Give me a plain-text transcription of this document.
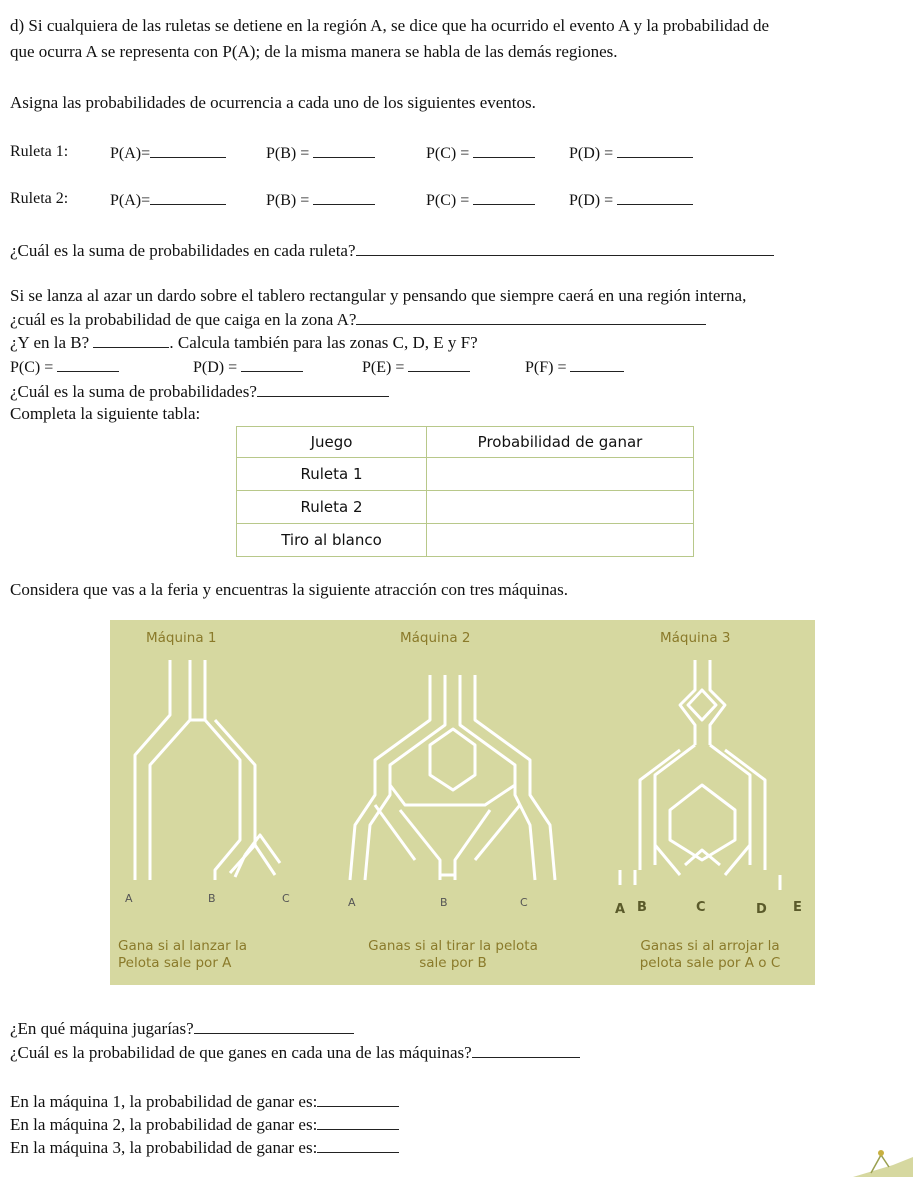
d) Si cualquiera de las ruletas se detiene en la región A, se dice que ha ocurrido el evento A y la probabilidad de
que ocurra A se representa con P(A); de la misma manera se habla de las demás regiones.
Asigna las probabilidades de ocurrencia a cada uno de los siguientes eventos.
Ruleta 1:	P(A)=	P(B) =	P(C) =	P(D) =
Ruleta 2:	P(A)=	P(B) =	P(C) =	P(D) =
¿Cuál es la suma de probabilidades en cada ruleta?
Si se lanza al azar un dardo sobre el tablero rectangular y pensando que siempre caerá en una región interna,
¿cuál es la probabilidad de que caiga en la zona A?
¿Y en la B?	. Calcula también para las zonas C, D, E y F?
P(C) =	P(D) =	P(E) =	P(F) =
¿Cuál es la suma de probabilidades?
Completa la siguiente tabla:
Juego	Probabilidad de ganar
Ruleta 1	
Ruleta 2	
Tiro al blanco	
Considera que vas a la feria y encuentras la siguiente atracción con tres máquinas.
Máquina 1	Máquina 2	Máquina 3
A	B	C	A	B	C	A B	C	D E
Gana si al lanzar la
Pelota sale por A
Ganas si al tirar la pelota
sale por B
Ganas si al arrojar la
pelota sale por A o C
¿En qué máquina jugarías?
¿Cuál es la probabilidad de que ganes en cada una de las máquinas?
En la máquina 1, la probabilidad de ganar es:
En la máquina 2, la probabilidad de ganar es:
En la máquina 3, la probabilidad de ganar es:
